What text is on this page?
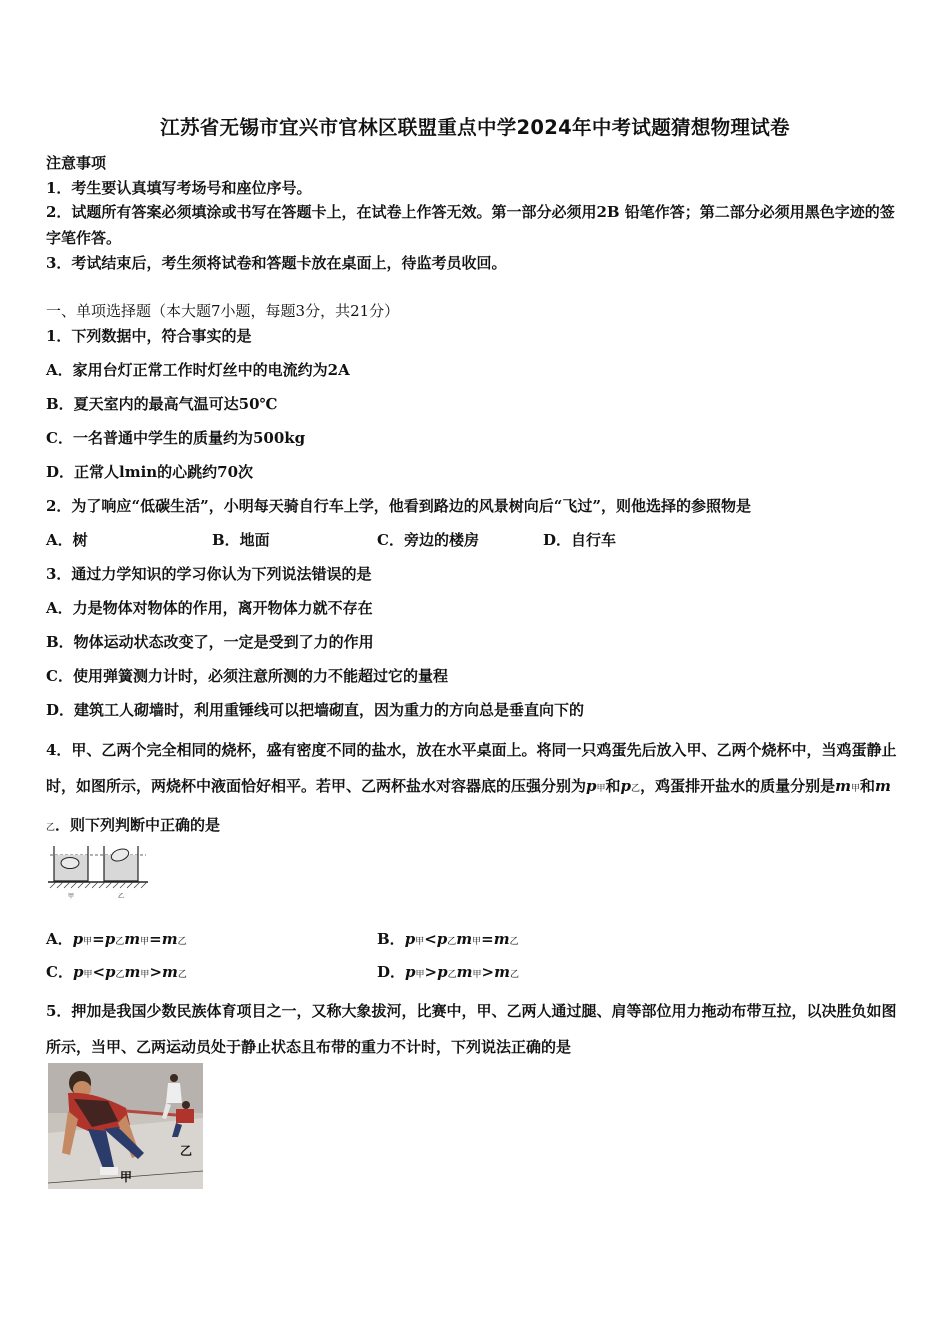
江苏省无锡市宜兴市官林区联盟重点中学2024年中考试题猜想物理试卷
注意事项
1．考生要认真填写考场号和座位序号。
2．试题所有答案必须填涂或书写在答题卡上，在试卷上作答无效。第一部分必须用2B 铅笔作答；第二部分必须用黑色字迹的签字笔作答。
3．考试结束后，考生须将试卷和答题卡放在桌面上，待监考员收回。
一、单项选择题（本大题7小题，每题3分，共21分）
1．下列数据中，符合事实的是
A．家用台灯正常工作时灯丝中的电流约为2A
B．夏天室内的最高气温可达50℃
C．一名普通中学生的质量约为500kg
D．正常人lmin的心跳约70次
2．为了响应“低碳生活”，小明每天骑自行车上学，他看到路边的风景树向后“飞过”，则他选择的参照物是
A．树	B．地面	C．旁边的楼房	D．自行车
3．通过力学知识的学习你认为下列说法错误的是
A．力是物体对物体的作用，离开物体力就不存在
B．物体运动状态改变了，一定是受到了力的作用
C．使用弹簧测力计时，必须注意所测的力不能超过它的量程
D．建筑工人砌墙时，利用重锤线可以把墙砌直，因为重力的方向总是垂直向下的
4．甲、乙两个完全相同的烧杯，盛有密度不同的盐水，放在水平桌面上。将同一只鸡蛋先后放入甲、乙两个烧杯中，当鸡蛋静止时，如图所示，两烧杯中液面恰好相平。若甲、乙两杯盐水对容器底的压强分别为p甲和p乙，鸡蛋排开盐水的质量分别是m甲和m乙．则下列判断中正确的是
甲	乙
A．p甲=p乙m甲=m乙	B．p甲<p乙m甲=m乙
C．p甲<p乙m甲>m乙	D．p甲>p乙m甲>m乙
5．押加是我国少数民族体育项目之一，又称大象拔河，比赛中，甲、乙两人通过腿、肩等部位用力拖动布带互拉，以决胜负如图所示，当甲、乙两运动员处于静止状态且布带的重力不计时，下列说法正确的是
甲
乙
